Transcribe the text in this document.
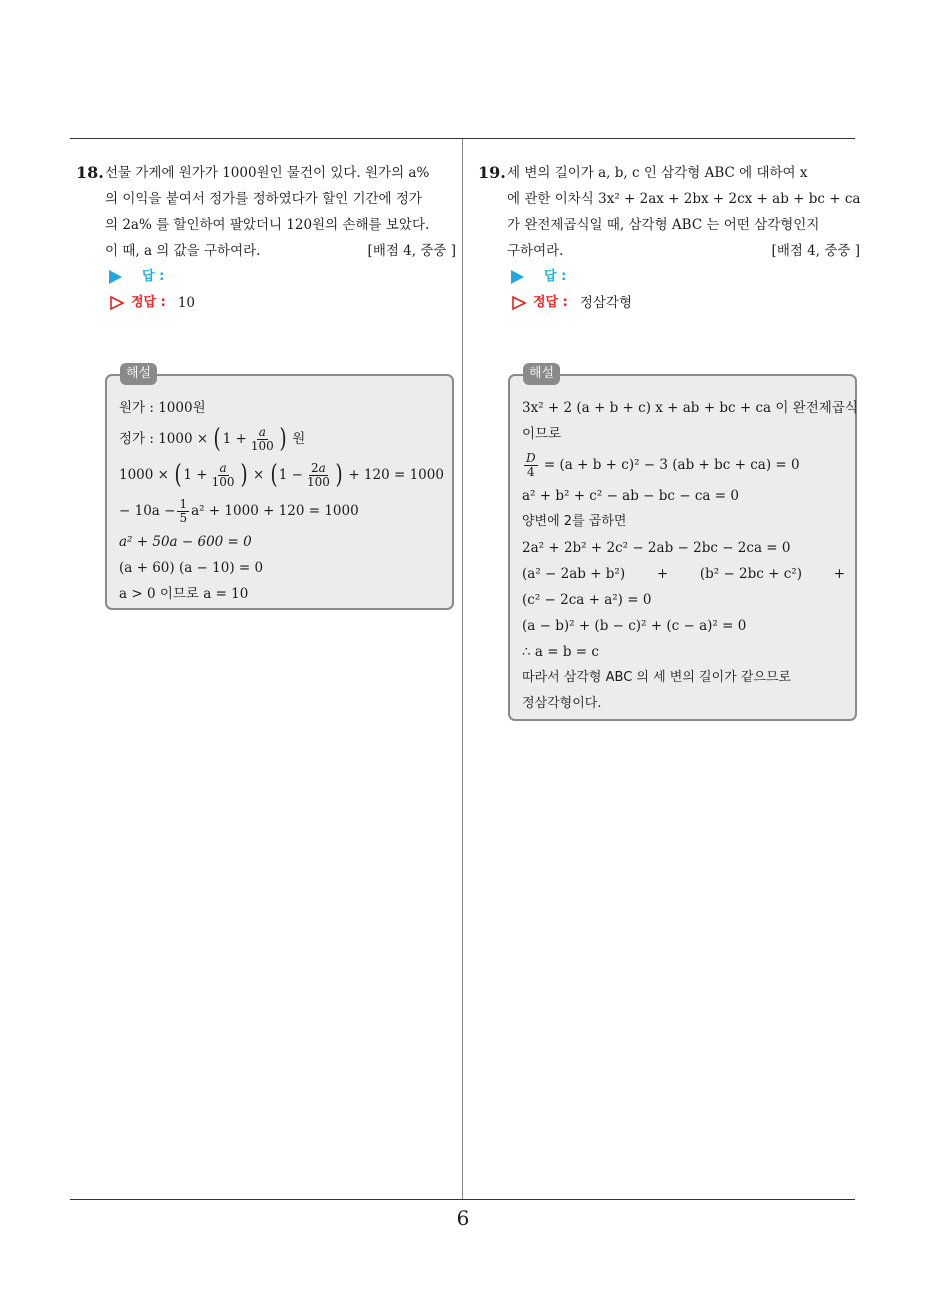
18. 선물 가게에 원가가 1000원인 물건이 있다. 원가의 a%
의 이익을 붙여서 정가를 정하였다가 할인 기간에 정가
의 2a% 를 할인하여 팔았더니 120원의 손해를 보았다.
이 때, a 의 값을 구하여라.	[배점 4, 중중 ]
답 :
정답 : 10
해설
원가 : 1000원
정가 : 1000 ×
( $1 + \frac{a}{100}$ )
원
1000 ×
( $1 + \frac{a}{100}$ ) × ( $1 - \frac{2a}{100}$ )
+ 120 = 1000
− $10a - \frac{1}{5} a^2 + 1000 + 120 = 1000$
a² + 50a − 600 = 0
(a + 60) (a − 10) = 0
a > 0 이므로 a = 10
19. 세 변의 길이가 a, b, c 인 삼각형 ABC 에 대하여 x
에 관한 이차식 3x² + 2ax + 2bx + 2cx + ab + bc + ca
가 완전제곱식일 때, 삼각형 ABC 는 어떤 삼각형인지
구하여라.	[배점 4, 중중 ]
답 :
정답 : 정삼각형
해설
3x² + 2 (a + b + c) x + ab + bc + ca 이 완전제곱식
이므로
$\frac{D}{4}$
= (a + b + c)² − 3 (ab + bc + ca) = 0
a² + b² + c² − ab − bc − ca = 0
양변에 2를 곱하면
2a² + 2b² + 2c² − 2ab − 2bc − 2ca = 0
(a² − 2ab + b²) + (b² − 2bc + c²) +
(c² − 2ca + a²) = 0
(a − b)² + (b − c)² + (c − a)² = 0
∴ a = b = c
따라서 삼각형 ABC 의 세 변의 길이가 같으므로
정삼각형이다.
6
